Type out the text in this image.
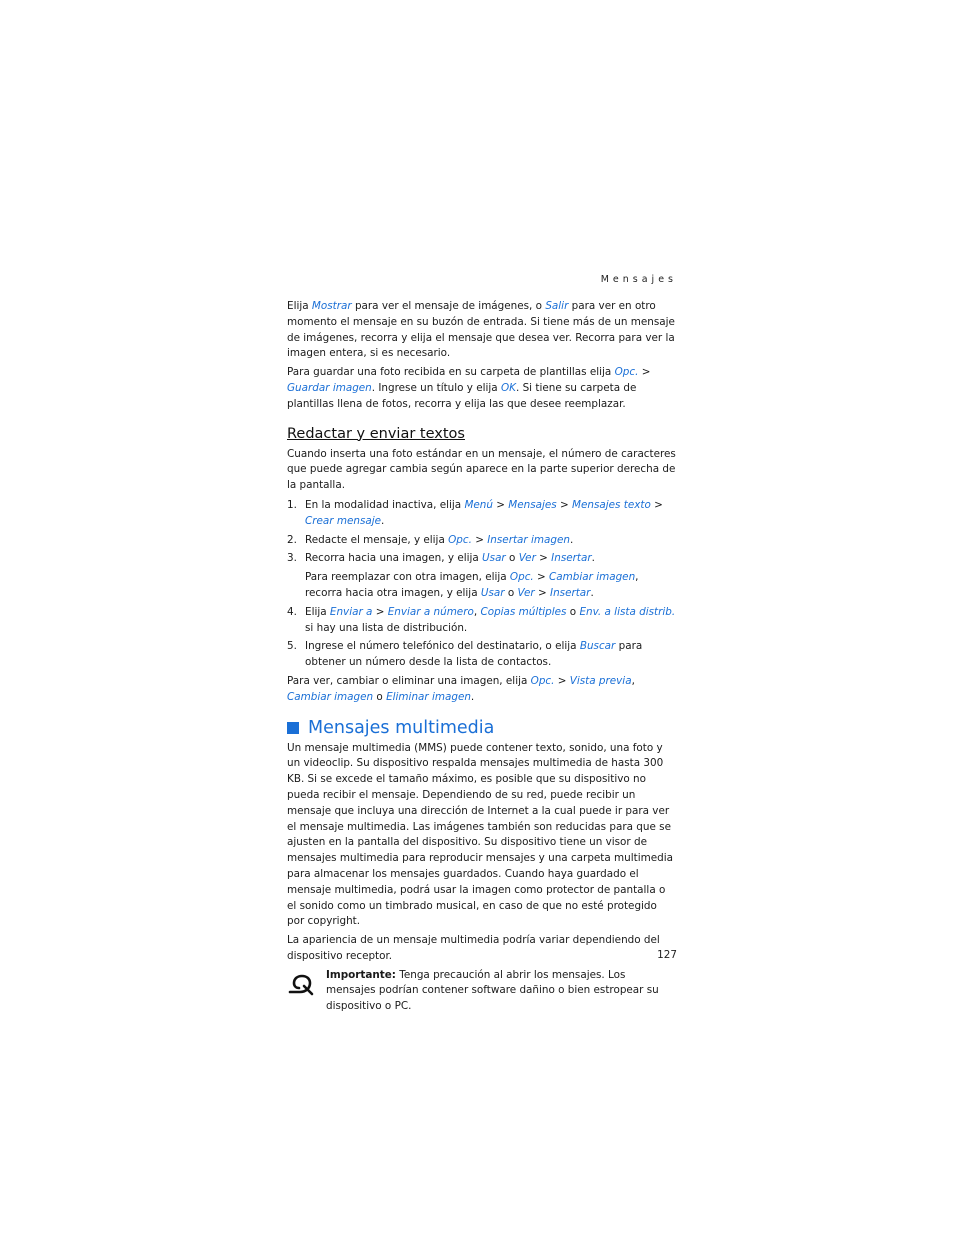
Mensajes

Elija Mostrar para ver el mensaje de imágenes, o Salir para ver en otro momento el mensaje en su buzón de entrada. Si tiene más de un mensaje de imágenes, recorra y elija el mensaje que desea ver. Recorra para ver la imagen entera, si es necesario.

Para guardar una foto recibida en su carpeta de plantillas elija Opc. > Guardar imagen. Ingrese un título y elija OK. Si tiene su carpeta de plantillas llena de fotos, recorra y elija las que desee reemplazar.

Redactar y enviar textos

Cuando inserta una foto estándar en un mensaje, el número de caracteres que puede agregar cambia según aparece en la parte superior derecha de la pantalla.

1. En la modalidad inactiva, elija Menú > Mensajes > Mensajes texto > Crear mensaje.
2. Redacte el mensaje, y elija Opc. > Insertar imagen.
3. Recorra hacia una imagen, y elija Usar o Ver > Insertar.

Para reemplazar con otra imagen, elija Opc. > Cambiar imagen, recorra hacia otra imagen, y elija Usar o Ver > Insertar.

4. Elija Enviar a > Enviar a número, Copias múltiples o Env. a lista distrib. si hay una lista de distribución.
5. Ingrese el número telefónico del destinatario, o elija Buscar para obtener un número desde la lista de contactos.

Para ver, cambiar o eliminar una imagen, elija Opc. > Vista previa, Cambiar imagen o Eliminar imagen.

Mensajes multimedia

Un mensaje multimedia (MMS) puede contener texto, sonido, una foto y un videoclip. Su dispositivo respalda mensajes multimedia de hasta 300 KB. Si se excede el tamaño máximo, es posible que su dispositivo no pueda recibir el mensaje. Dependiendo de su red, puede recibir un mensaje que incluya una dirección de Internet a la cual puede ir para ver el mensaje multimedia. Las imágenes también son reducidas para que se ajusten en la pantalla del dispositivo. Su dispositivo tiene un visor de mensajes multimedia para reproducir mensajes y una carpeta multimedia para almacenar los mensajes guardados. Cuando haya guardado el mensaje multimedia, podrá usar la imagen como protector de pantalla o el sonido como un timbrado musical, en caso de que no esté protegido por copyright.

La apariencia de un mensaje multimedia podría variar dependiendo del dispositivo receptor.

Importante: Tenga precaución al abrir los mensajes. Los mensajes podrían contener software dañino o bien estropear su dispositivo o PC.
127
